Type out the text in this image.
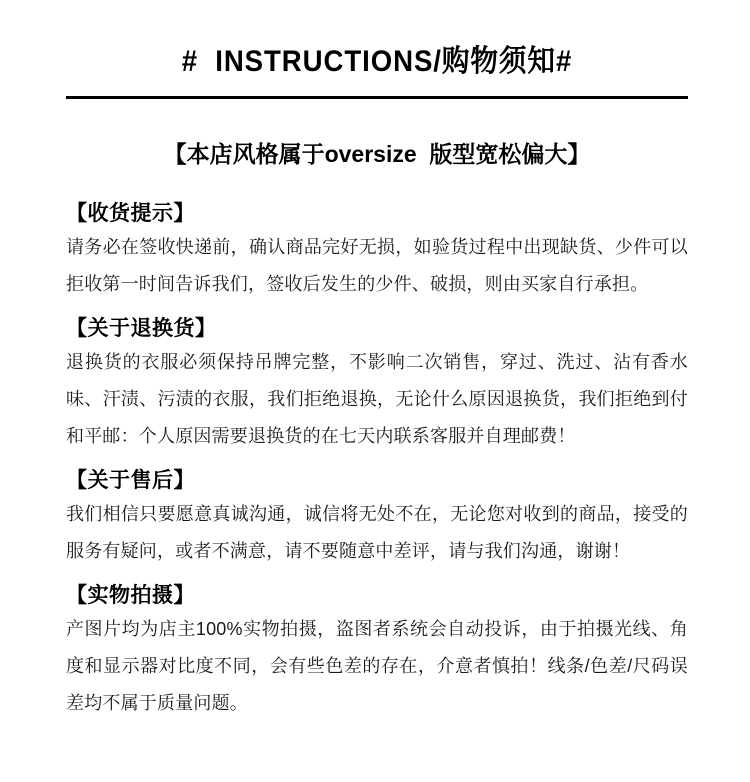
#  INSTRUCTIONS/购物须知#
【本店风格属于oversize  版型宽松偏大】
【收货提示】

请务必在签收快递前，确认商品完好无损，如验货过程中出现缺货、少件可以拒收第一时间告诉我们，签收后发生的少件、破损，则由买家自行承担。

【关于退换货】

退换货的衣服必须保持吊牌完整，不影响二次销售，穿过、洗过、沾有香水味、汗渍、污渍的衣服，我们拒绝退换，无论什么原因退换货，我们拒绝到付和平邮：个人原因需要退换货的在七天内联系客服并自理邮费！

【关于售后】

我们相信只要愿意真诚沟通，诚信将无处不在，无论您对收到的商品，接受的服务有疑问，或者不满意，请不要随意中差评，请与我们沟通，谢谢！

【实物拍摄】

产图片均为店主100%实物拍摄，盗图者系统会自动投诉，由于拍摄光线、角度和显示器对比度不同，会有些色差的存在，介意者慎拍！线条/色差/尺码误差均不属于质量问题。
